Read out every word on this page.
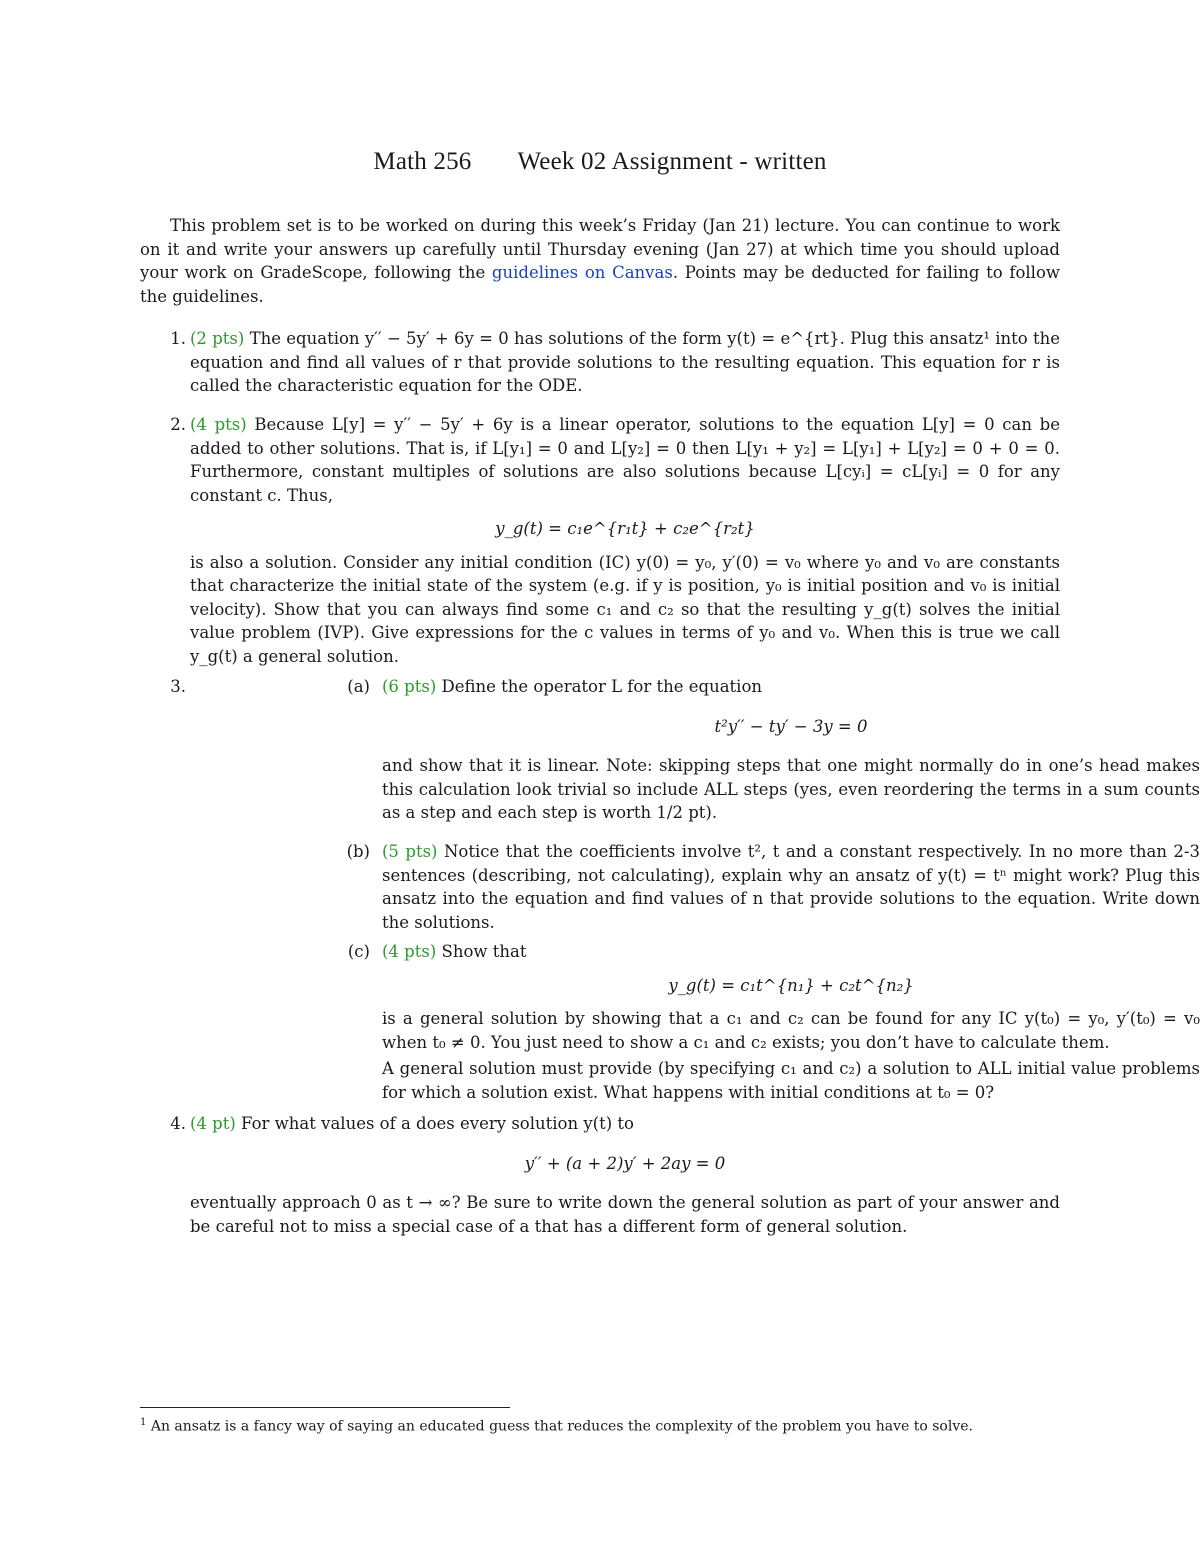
Math 256 Week 02 Assignment - written
This problem set is to be worked on during this week’s Friday (Jan 21) lecture. You can continue to work on it and write your answers up carefully until Thursday evening (Jan 27) at which time you should upload your work on GradeScope, following the guidelines on Canvas. Points may be deducted for failing to follow the guidelines.
1. (2 pts) The equation y′′ − 5y′ + 6y = 0 has solutions of the form y(t) = e^{rt}. Plug this ansatz¹ into the equation and find all values of r that provide solutions to the resulting equation. This equation for r is called the characteristic equation for the ODE.
2. (4 pts) Because L[y] = y′′ − 5y′ + 6y is a linear operator, solutions to the equation L[y] = 0 can be added to other solutions. That is, if L[y₁] = 0 and L[y₂] = 0 then L[y₁ + y₂] = L[y₁] + L[y₂] = 0 + 0 = 0. Furthermore, constant multiples of solutions are also solutions because L[cyᵢ] = cL[yᵢ] = 0 for any constant c. Thus,
y_g(t) = c₁e^{r₁t} + c₂e^{r₂t}
is also a solution. Consider any initial condition (IC) y(0) = y₀, y′(0) = v₀ where y₀ and v₀ are constants that characterize the initial state of the system (e.g. if y is position, y₀ is initial position and v₀ is initial velocity). Show that you can always find some c₁ and c₂ so that the resulting y_g(t) solves the initial value problem (IVP). Give expressions for the c values in terms of y₀ and v₀. When this is true we call y_g(t) a general solution.
3.	(a) (6 pts) Define the operator L for the equation
t²y′′ − ty′ − 3y = 0
and show that it is linear. Note: skipping steps that one might normally do in one’s head makes this calculation look trivial so include ALL steps (yes, even reordering the terms in a sum counts as a step and each step is worth 1/2 pt).
(b) (5 pts) Notice that the coefficients involve t², t and a constant respectively. In no more than 2-3 sentences (describing, not calculating), explain why an ansatz of y(t) = tⁿ might work? Plug this ansatz into the equation and find values of n that provide solutions to the equation. Write down the solutions.
(c) (4 pts) Show that
y_g(t) = c₁t^{n₁} + c₂t^{n₂}
is a general solution by showing that a c₁ and c₂ can be found for any IC y(t₀) = y₀, y′(t₀) = v₀ when t₀ ≠ 0. You just need to show a c₁ and c₂ exists; you don’t have to calculate them.
A general solution must provide (by specifying c₁ and c₂) a solution to ALL initial value problems for which a solution exist. What happens with initial conditions at t₀ = 0?
4. (4 pt) For what values of a does every solution y(t) to
y′′ + (a + 2)y′ + 2ay = 0
eventually approach 0 as t → ∞? Be sure to write down the general solution as part of your answer and be careful not to miss a special case of a that has a different form of general solution.
$^1$ An ansatz is a fancy way of saying an educated guess that reduces the complexity of the problem you have to solve.
